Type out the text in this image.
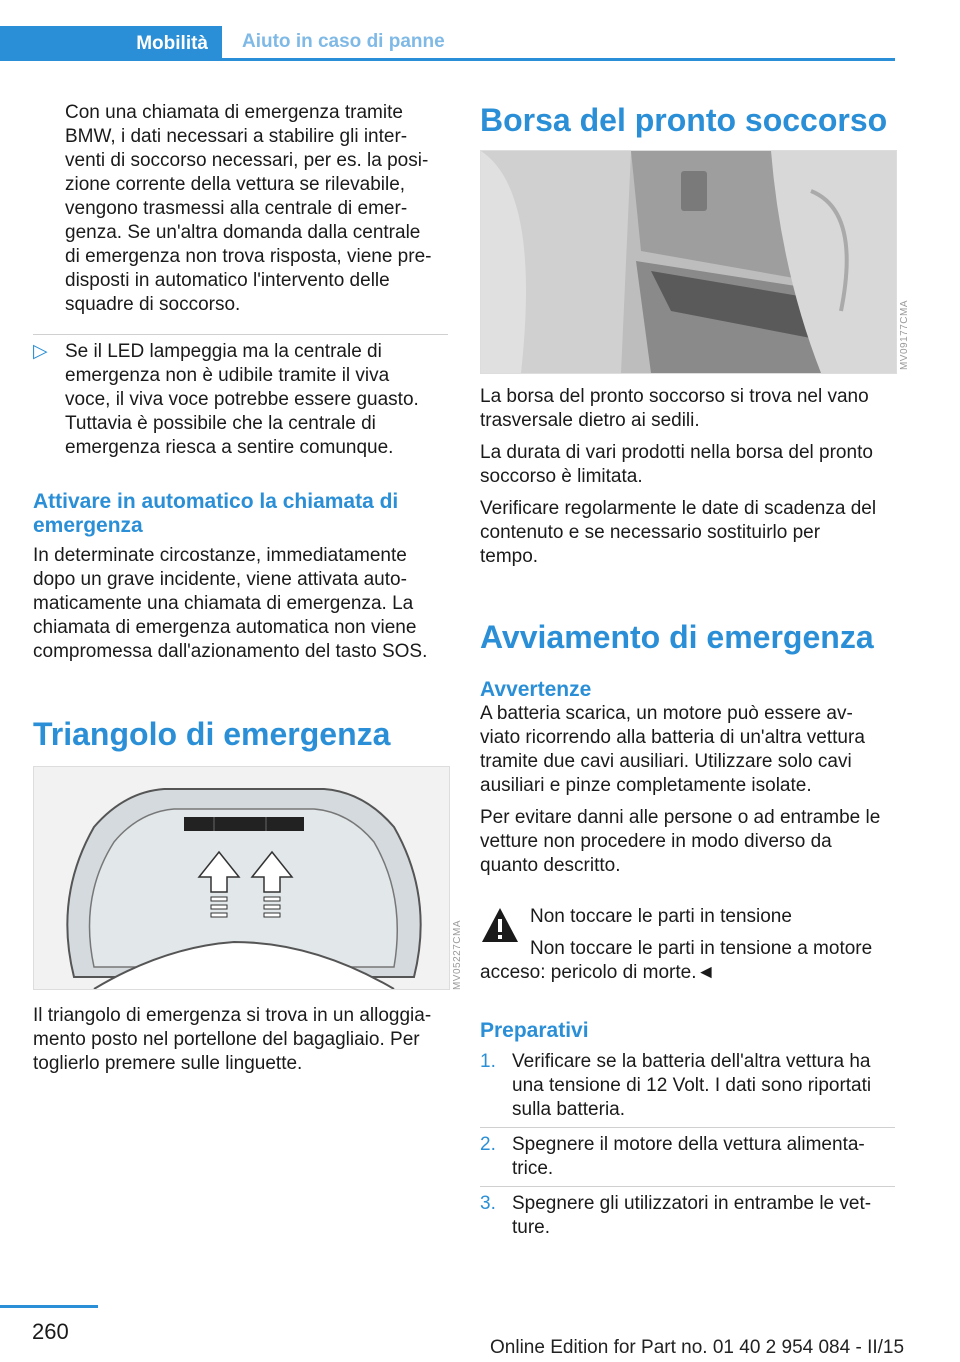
Mobilità Aiuto in caso di panne

Con una chiamata di emergenza tramite

BMW, i dati necessari a stabilire gli inter‐

venti di soccorso necessari, per es. la posi‐

zione corrente della vettura se rilevabile,

vengono trasmessi alla centrale di emer‐

genza. Se un'altra domanda dalla centrale

di emergenza non trova risposta, viene pre‐

disposti in automatico l'intervento delle

squadre di soccorso.

▷ Se il LED lampeggia ma la centrale di

emergenza non è udibile tramite il viva

voce, il viva voce potrebbe essere guasto.

Tuttavia è possibile che la centrale di

emergenza riesca a sentire comunque.

Attivare in automatico la chiamata di emergenza

In determinate circostanze, immediatamente

dopo un grave incidente, viene attivata auto‐

maticamente una chiamata di emergenza. La

chiamata di emergenza automatica non viene

compromessa dall'azionamento del tasto SOS.

Triangolo di emergenza

MV05227CMA

Il triangolo di emergenza si trova in un alloggia‐

mento posto nel portellone del bagagliaio. Per

toglierlo premere sulle linguette.

Borsa del pronto soccorso

MV09177CMA

La borsa del pronto soccorso si trova nel vano

trasversale dietro ai sedili.

La durata di vari prodotti nella borsa del pronto

soccorso è limitata.

Verificare regolarmente le date di scadenza del

contenuto e se necessario sostituirlo per

tempo.

Avviamento di emergenza

Avvertenze

A batteria scarica, un motore può essere av‐

viato ricorrendo alla batteria di un'altra vettura

tramite due cavi ausiliari. Utilizzare solo cavi

ausiliari e pinze completamente isolate.

Per evitare danni alle persone o ad entrambe le

vetture non procedere in modo diverso da

quanto descritto.

Non toccare le parti in tensione

Non toccare le parti in tensione a motore

acceso: pericolo di morte.◄

Preparativi

1. Verificare se la batteria dell'altra vettura ha

una tensione di 12 Volt. I dati sono riportati

sulla batteria.

2. Spegnere il motore della vettura alimenta‐

trice.

3. Spegnere gli utilizzatori in entrambe le vet‐

ture.

260
Online Edition for Part no. 01 40 2 954 084 - II/15
